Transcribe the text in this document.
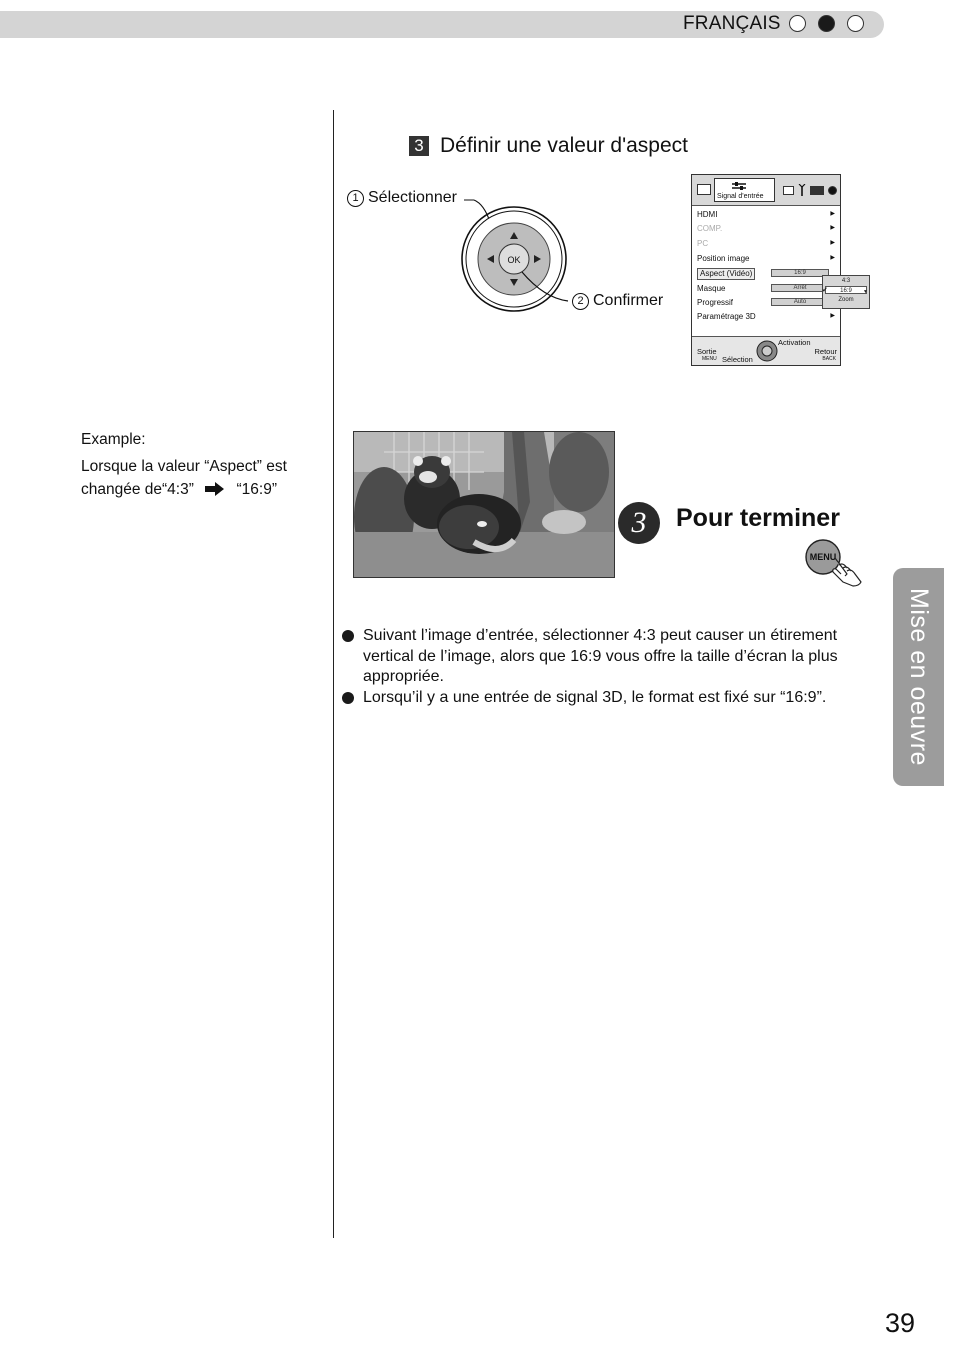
FRANÇAIS
3 Définir une valeur d'aspect
1 Sélectionner
2 Confirmer
OK
Signal d'entrée
HDMI	▶
COMP.	▶
PC	▶
Position image	▶
Aspect (Vidéo)	16:9
Masque	Arrêt
Progressif	Auto
Paramétrage 3D	▶
Sortie
MENU
Activation
Sélection
Retour
BACK
4:3
16:9
Zoom
✔	▼
Example:
Lorsque la valeur “Aspect” est
changée de“4:3”	“16:9”
3	Pour terminer
MENU
Suivant l’image d’entrée, sélectionner 4:3 peut causer un étirement vertical de l’image, alors que 16:9 vous offre la taille d’écran la plus appropriée.
Lorsqu’il y a une entrée de signal 3D, le format est fixé sur “16:9”.	Mise en oeuvre
39
